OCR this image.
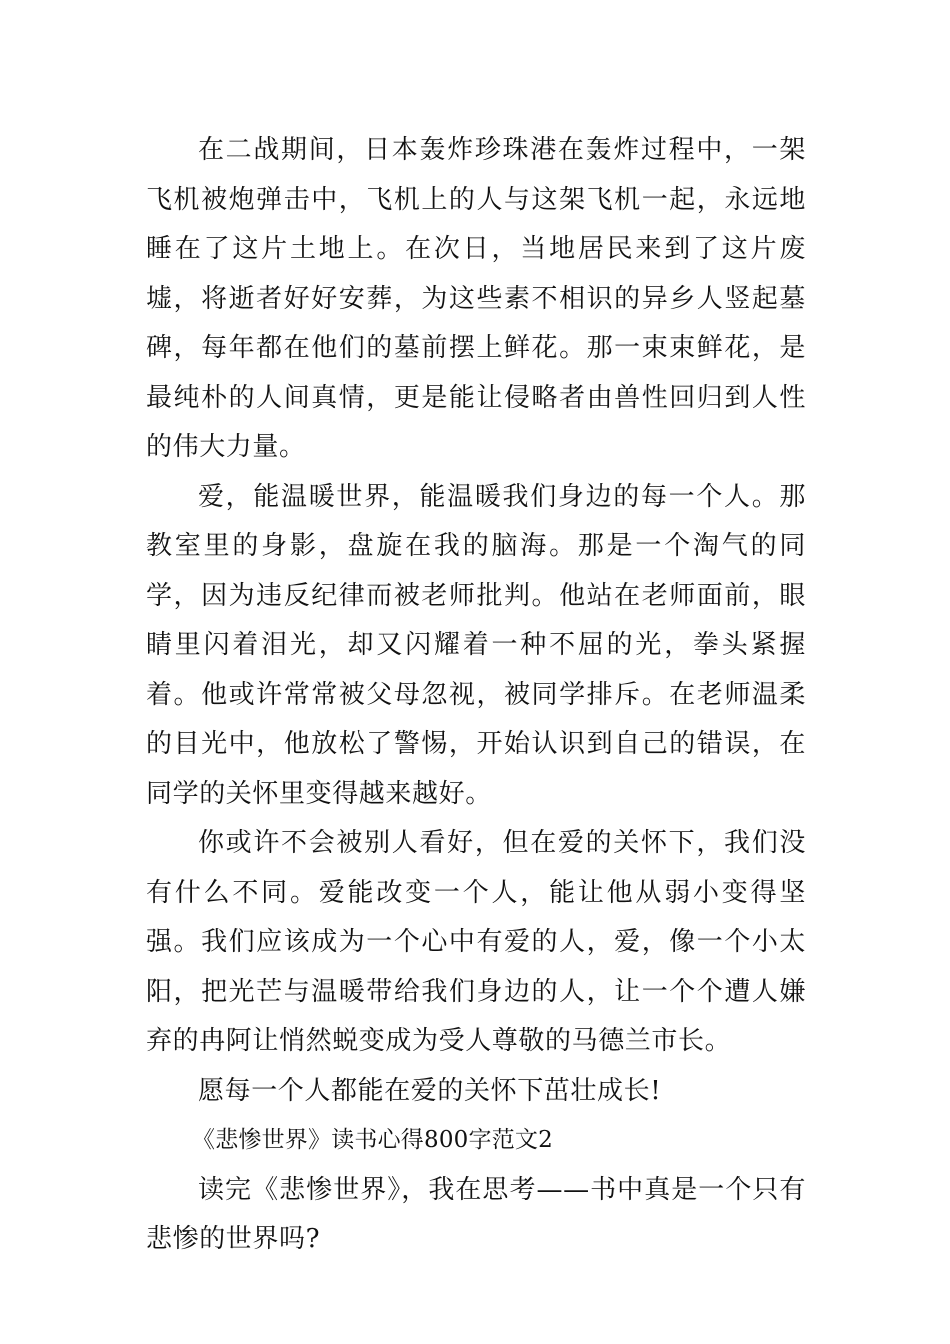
在二战期间，日本轰炸珍珠港在轰炸过程中，一架飞机被炮弹击中，飞机上的人与这架飞机一起，永远地睡在了这片土地上。在次日，当地居民来到了这片废墟，将逝者好好安葬，为这些素不相识的异乡人竖起墓碑，每年都在他们的墓前摆上鲜花。那一束束鲜花，是最纯朴的人间真情，更是能让侵略者由兽性回归到人性的伟大力量。

爱，能温暖世界，能温暖我们身边的每一个人。那教室里的身影，盘旋在我的脑海。那是一个淘气的同学，因为违反纪律而被老师批判。他站在老师面前，眼睛里闪着泪光，却又闪耀着一种不屈的光，拳头紧握着。他或许常常被父母忽视，被同学排斥。在老师温柔的目光中，他放松了警惕，开始认识到自己的错误，在同学的关怀里变得越来越好。

你或许不会被别人看好，但在爱的关怀下，我们没有什么不同。爱能改变一个人，能让他从弱小变得坚强。我们应该成为一个心中有爱的人，爱，像一个小太阳，把光芒与温暖带给我们身边的人，让一个个遭人嫌弃的冉阿让悄然蜕变成为受人尊敬的马德兰市长。

愿每一个人都能在爱的关怀下茁壮成长!

《悲惨世界》读书心得800字范文2

读完《悲惨世界》，我在思考——书中真是一个只有悲惨的世界吗?
